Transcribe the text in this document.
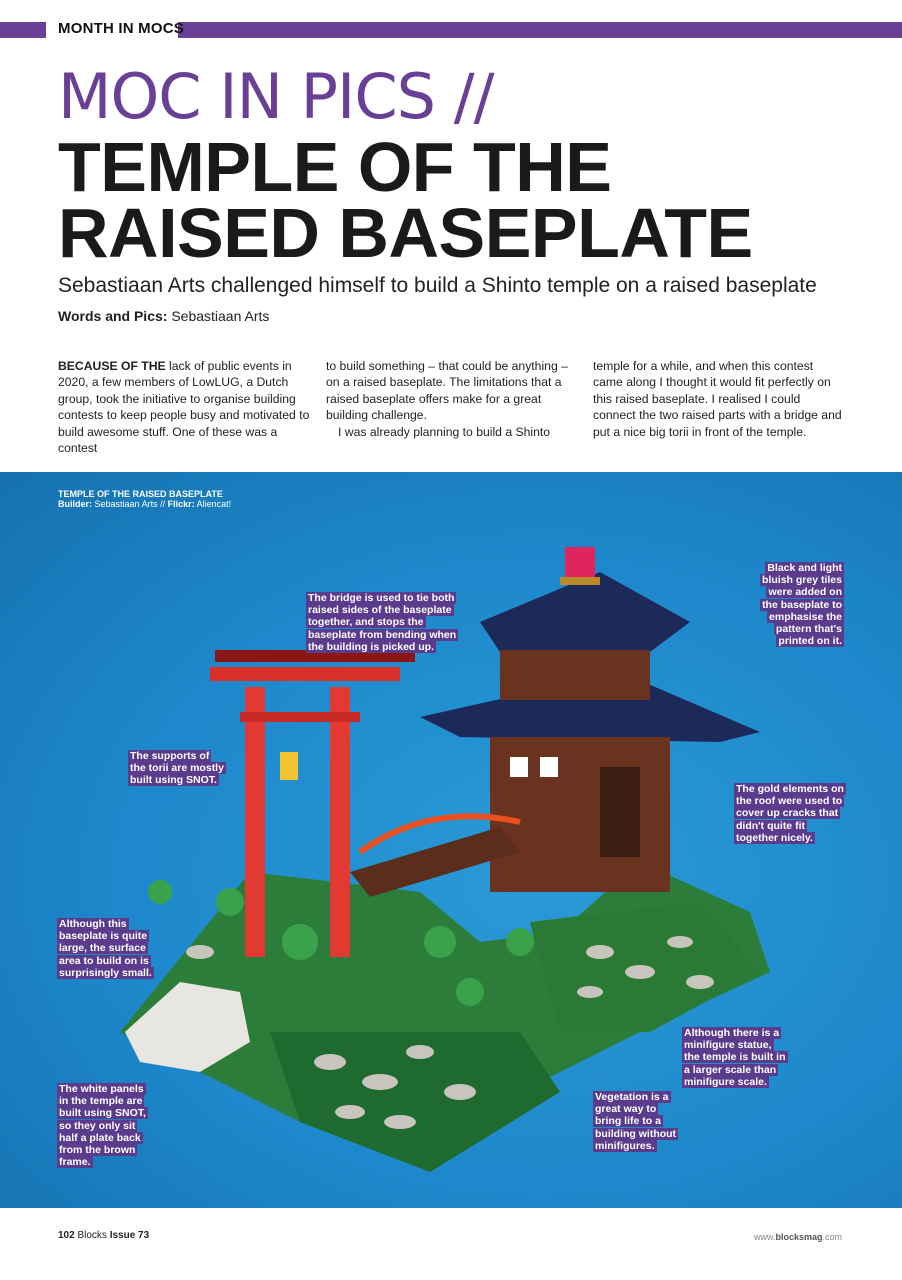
MONTH IN MOCS
MOC IN PICS //
TEMPLE OF THE RAISED BASEPLATE
Sebastiaan Arts challenged himself to build a Shinto temple on a raised baseplate
Words and Pics: Sebastiaan Arts
BECAUSE OF THE lack of public events in 2020, a few members of LowLUG, a Dutch group, took the initiative to organise building contests to keep people busy and motivated to build awesome stuff. One of these was a contest
to build something – that could be anything – on a raised baseplate. The limitations that a raised baseplate offers make for a great building challenge.
I was already planning to build a Shinto
temple for a while, and when this contest came along I thought it would fit perfectly on this raised baseplate. I realised I could connect the two raised parts with a bridge and put a nice big torii in front of the temple.
TEMPLE OF THE RAISED BASEPLATE
Builder: Sebastiaan Arts // Flickr: Aliencat!
The bridge is used to tie both raised sides of the baseplate together, and stops the baseplate from bending when the building is picked up.
Black and light bluish grey tiles were added on the baseplate to emphasise the pattern that's printed on it.
The supports of the torii are mostly built using SNOT.
The gold elements on the roof were used to cover up cracks that didn't quite fit together nicely.
Although this baseplate is quite large, the surface area to build on is surprisingly small.
Although there is a minifigure statue, the temple is built in a larger scale than minifigure scale.
Vegetation is a great way to bring life to a building without minifigures.
The white panels in the temple are built using SNOT, so they only sit half a plate back from the brown frame.
102 Blocks Issue 73	www.blocksmag.com
